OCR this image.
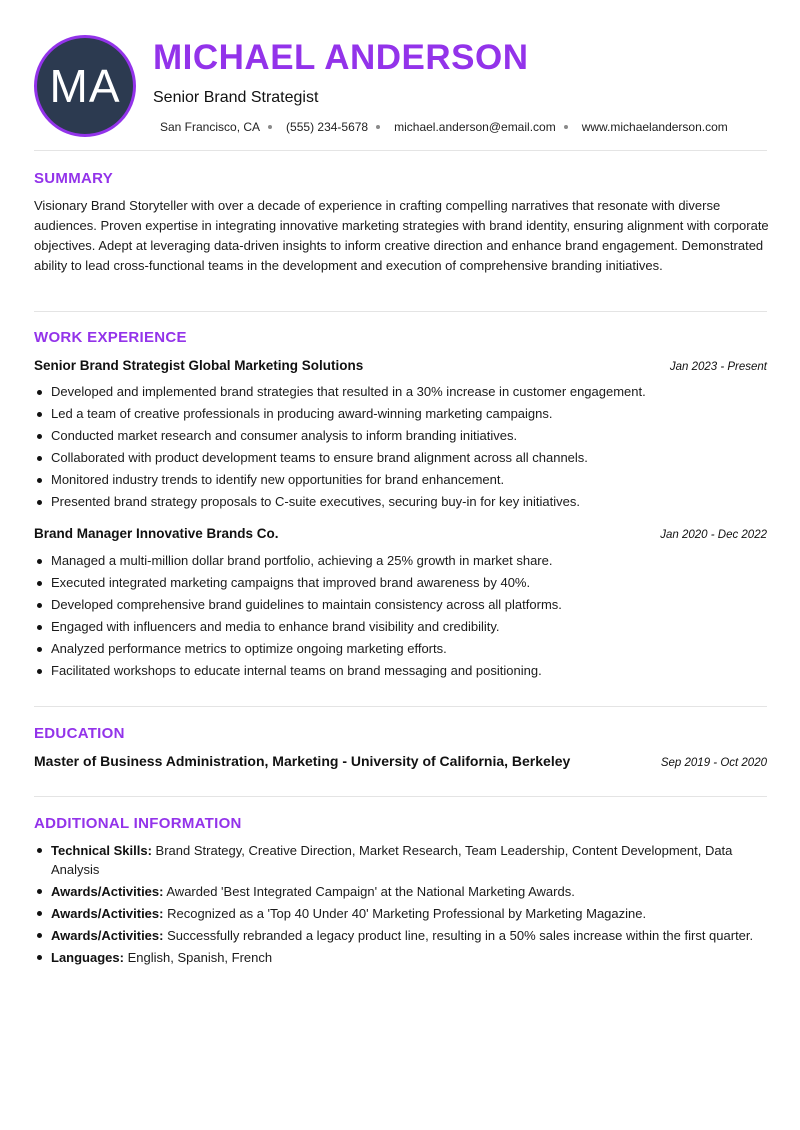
MA
MICHAEL ANDERSON
Senior Brand Strategist
San Francisco, CA (555) 234-5678 michael.anderson@email.com www.michaelanderson.com
SUMMARY

Visionary Brand Storyteller with over a decade of experience in crafting compelling narratives that resonate with diverse audiences. Proven expertise in integrating innovative marketing strategies with brand identity, ensuring alignment with corporate objectives. Adept at leveraging data-driven insights to inform creative direction and enhance brand engagement. Demonstrated ability to lead cross-functional teams in the development and execution of comprehensive branding initiatives.

WORK EXPERIENCE
Senior Brand Strategist Global Marketing Solutions	Jan 2023 - Present
Developed and implemented brand strategies that resulted in a 30% increase in customer engagement.
Led a team of creative professionals in producing award-winning marketing campaigns.
Conducted market research and consumer analysis to inform branding initiatives.
Collaborated with product development teams to ensure brand alignment across all channels.
Monitored industry trends to identify new opportunities for brand enhancement.
Presented brand strategy proposals to C-suite executives, securing buy-in for key initiatives.
Brand Manager Innovative Brands Co.	Jan 2020 - Dec 2022
Managed a multi-million dollar brand portfolio, achieving a 25% growth in market share.
Executed integrated marketing campaigns that improved brand awareness by 40%.
Developed comprehensive brand guidelines to maintain consistency across all platforms.
Engaged with influencers and media to enhance brand visibility and credibility.
Analyzed performance metrics to optimize ongoing marketing efforts.
Facilitated workshops to educate internal teams on brand messaging and positioning.
EDUCATION
Master of Business Administration, Marketing - University of California, Berkeley	Sep 2019 - Oct 2020
ADDITIONAL INFORMATION
Technical Skills: Brand Strategy, Creative Direction, Market Research, Team Leadership, Content Development, Data Analysis
Awards/Activities: Awarded 'Best Integrated Campaign' at the National Marketing Awards.
Awards/Activities: Recognized as a 'Top 40 Under 40' Marketing Professional by Marketing Magazine.
Awards/Activities: Successfully rebranded a legacy product line, resulting in a 50% sales increase within the first quarter.
Languages: English, Spanish, French
